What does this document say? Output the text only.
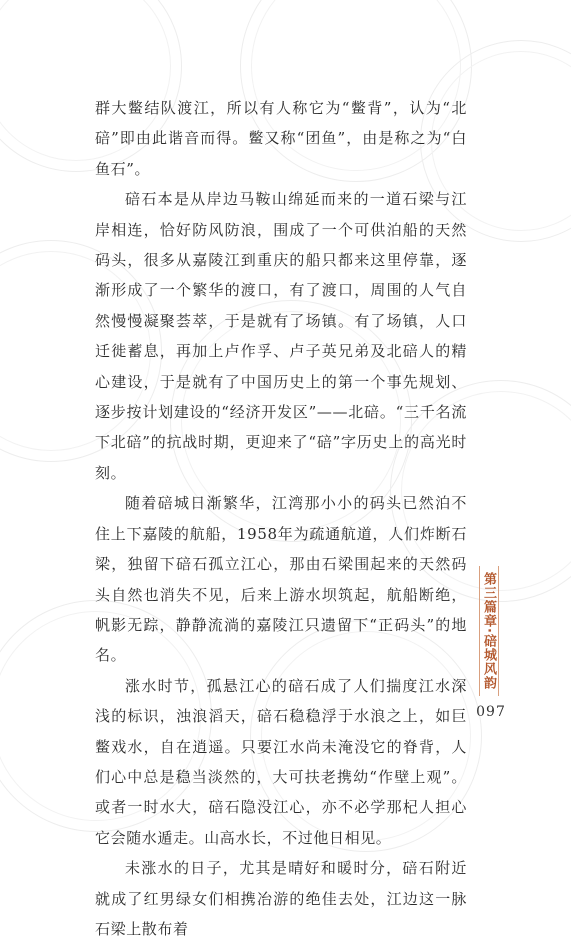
群大鳖结队渡江，所以有人称它为“鳖背”，认为“北碚”即由此谐音而得。鳖又称“团鱼”，由是称之为“白鱼石”。

碚石本是从岸边马鞍山绵延而来的一道石梁与江岸相连，恰好防风防浪，围成了一个可供泊船的天然码头，很多从嘉陵江到重庆的船只都来这里停靠，逐渐形成了一个繁华的渡口，有了渡口，周围的人气自然慢慢凝聚荟萃，于是就有了场镇。有了场镇，人口迁徙蓄息，再加上卢作孚、卢子英兄弟及北碚人的精心建设，于是就有了中国历史上的第一个事先规划、逐步按计划建设的“经济开发区”——北碚。“三千名流下北碚”的抗战时期，更迎来了“碚”字历史上的高光时刻。

随着碚城日渐繁华，江湾那小小的码头已然泊不住上下嘉陵的航船，1958年为疏通航道，人们炸断石梁，独留下碚石孤立江心，那由石梁围起来的天然码头自然也消失不见，后来上游水坝筑起，航船断绝，帆影无踪，静静流淌的嘉陵江只遗留下“正码头”的地名。

涨水时节，孤悬江心的碚石成了人们揣度江水深浅的标识，浊浪滔天，碚石稳稳浮于水浪之上，如巨鳖戏水，自在逍遥。只要江水尚未淹没它的脊背，人们心中总是稳当淡然的，大可扶老携幼“作壁上观”。或者一时水大，碚石隐没江心，亦不必学那杞人担心它会随水遁走。山高水长，不过他日相见。

未涨水的日子，尤其是晴好和暖时分，碚石附近就成了红男绿女们相携冶游的绝佳去处，江边这一脉石梁上散布着

第三篇章·碚城风韵
097
